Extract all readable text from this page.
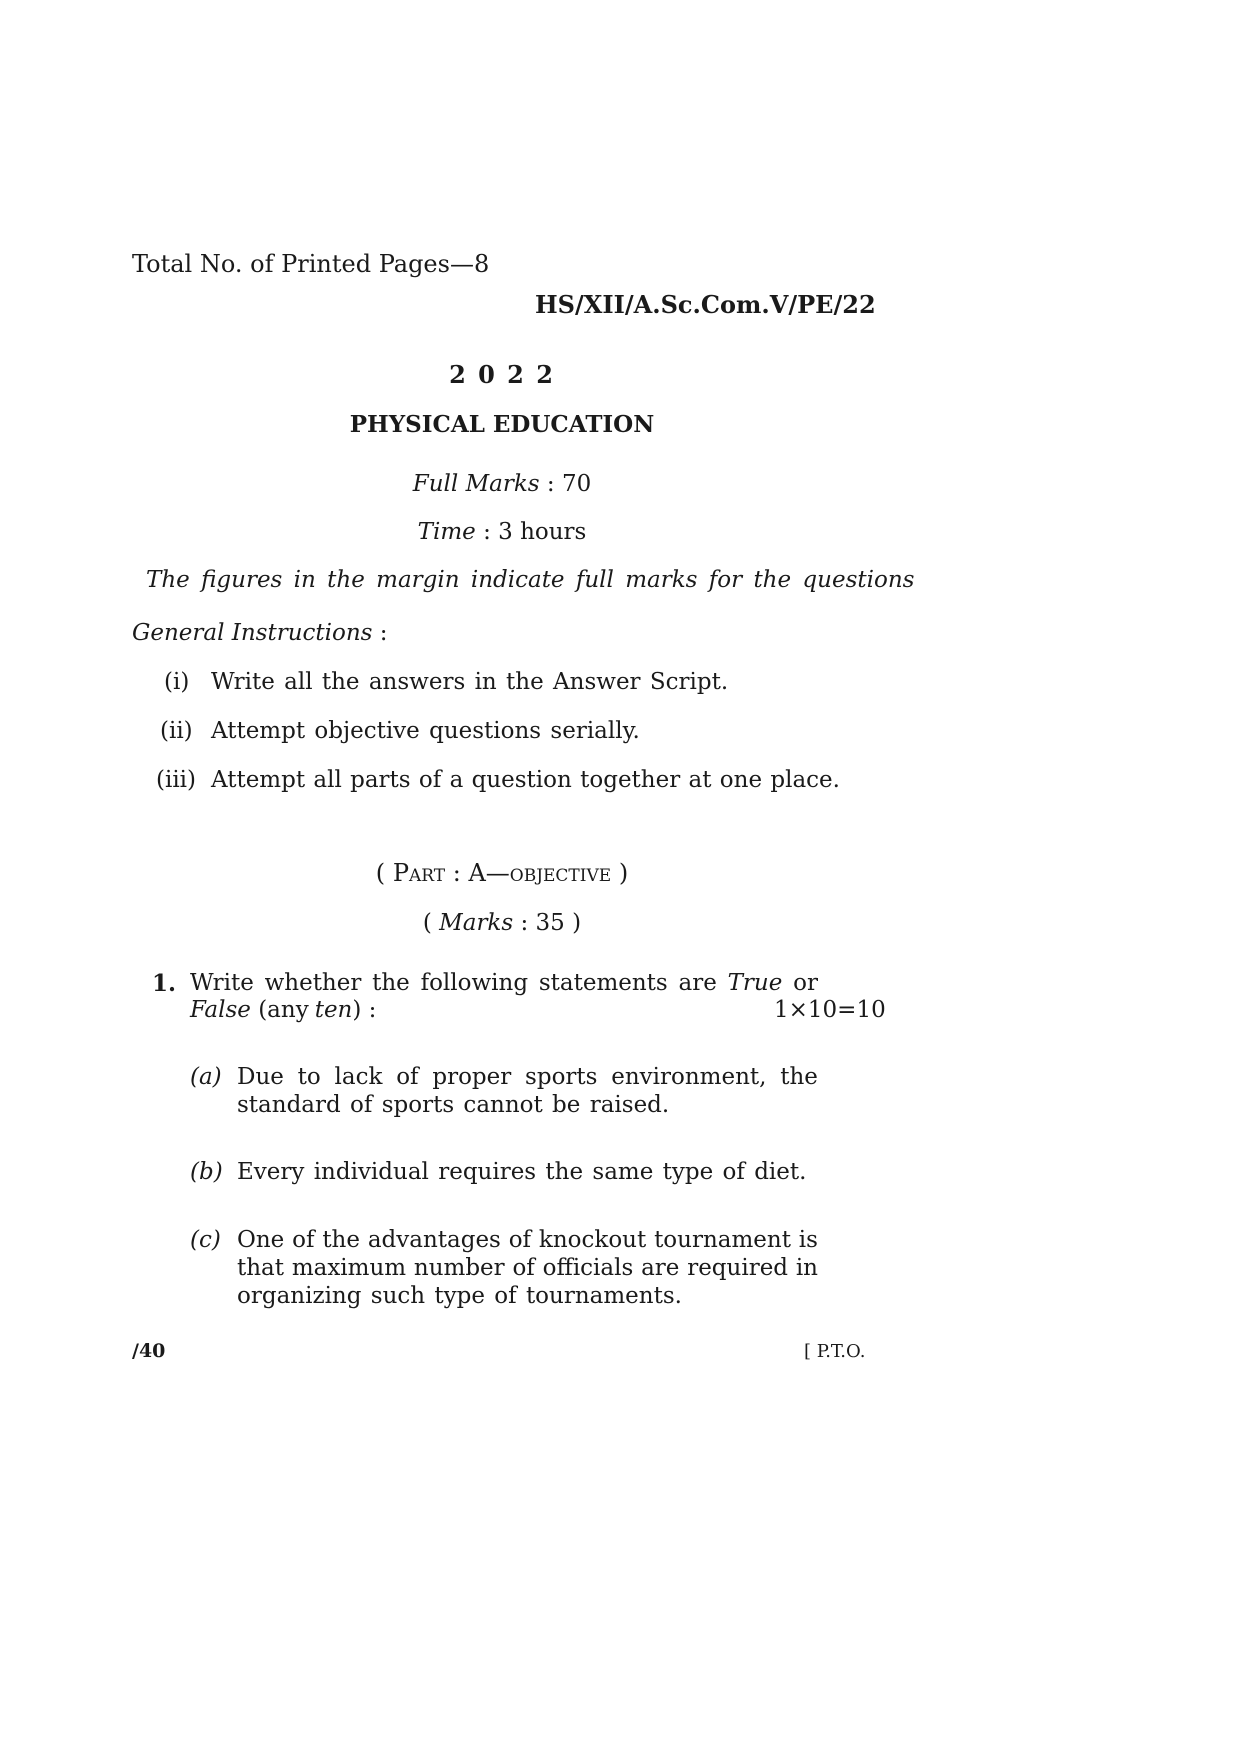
Total No. of Printed Pages—8
HS/XII/A.Sc.Com.V/PE/22
2 0 2 2
PHYSICAL EDUCATION
Full Marks : 70
Time : 3 hours
The figures in the margin indicate full marks for the questions
General Instructions :
(i) Write all the answers in the Answer Script.
(ii) Attempt objective questions serially.
(iii) Attempt all parts of a question together at one place.
( Part : A—objective )
( Marks : 35 )
1. Write whether the following statements are True or
False (any ten) :	1×10=10
(a) Due to lack of proper sports environment, the
standard of sports cannot be raised.
(b) Every individual requires the same type of diet.
(c) One of the advantages of knockout tournament is
that maximum number of officials are required in
organizing such type of tournaments.
/40	[ P.T.O.
